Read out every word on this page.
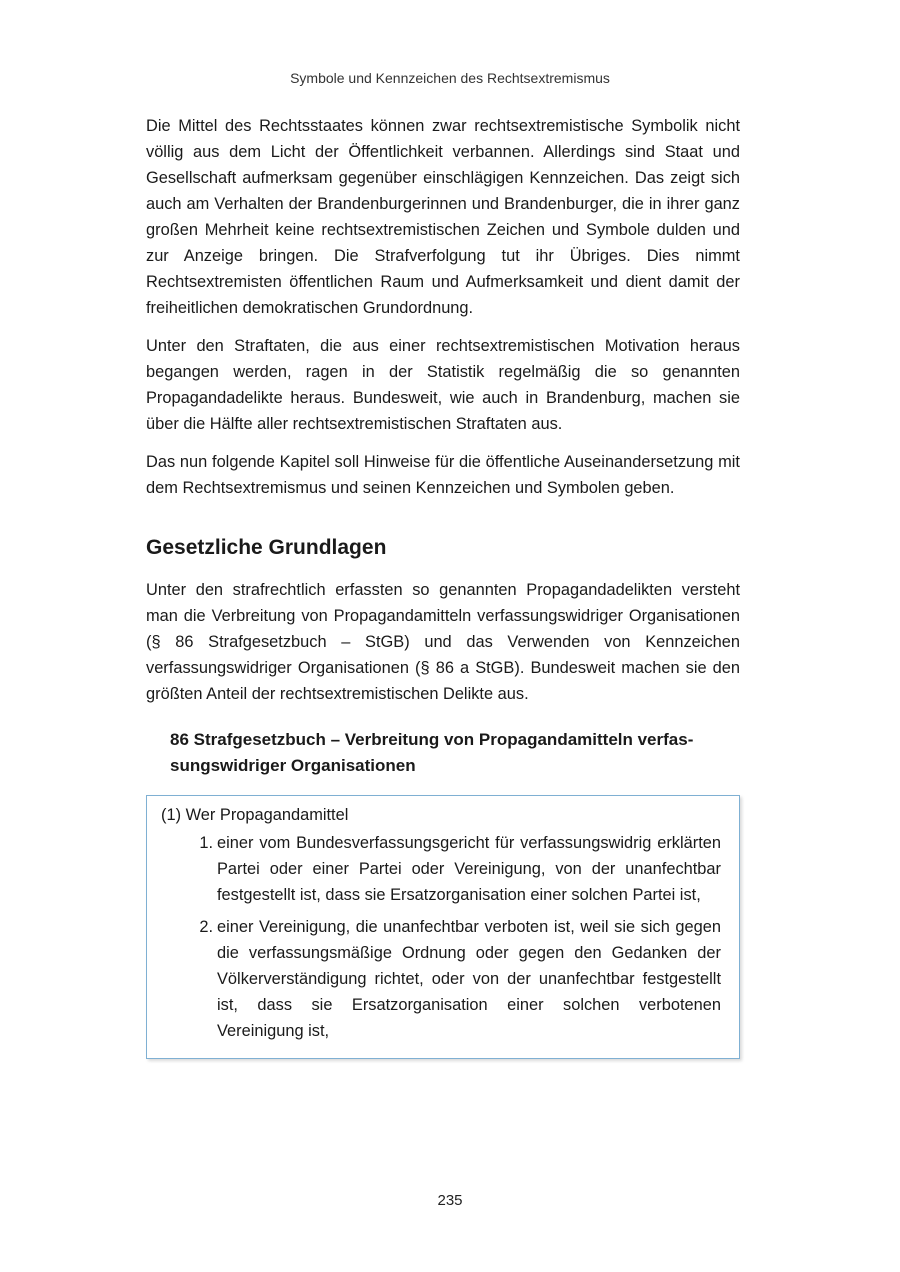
Symbole und Kennzeichen des Rechtsextremismus

Die Mittel des Rechtsstaates können zwar rechtsextremistische Symbolik nicht völlig aus dem Licht der Öffentlichkeit verbannen. Allerdings sind Staat und Gesellschaft aufmerksam gegenüber einschlägigen Kennzeichen. Das zeigt sich auch am Verhalten der Brandenburgerinnen und Brandenburger, die in ihrer ganz großen Mehrheit keine rechtsextremistischen Zeichen und Symbole dulden und zur Anzeige bringen. Die Strafverfolgung tut ihr Übriges. Dies nimmt Rechtsextremisten öffentlichen Raum und Aufmerksamkeit und dient damit der freiheitlichen demokratischen Grundordnung.

Unter den Straftaten, die aus einer rechtsextremistischen Motivation heraus begangen werden, ragen in der Statistik regelmäßig die so genannten Propagandadelikte heraus. Bundesweit, wie auch in Brandenburg, machen sie über die Hälfte aller rechtsextremistischen Straftaten aus.

Das nun folgende Kapitel soll Hinweise für die öffentliche Auseinandersetzung mit dem Rechtsextremismus und seinen Kennzeichen und Symbolen geben.

Gesetzliche Grundlagen

Unter den strafrechtlich erfassten so genannten Propagandadelikten versteht man die Verbreitung von Propagandamitteln verfassungswidriger Organisationen (§ 86 Strafgesetzbuch – StGB) und das Verwenden von Kennzeichen verfassungswidriger Organisationen (§ 86 a StGB). Bundesweit machen sie den größten Anteil der rechtsextremistischen Delikte aus.

86 Strafgesetzbuch – Verbreitung von Propagandamitteln verfassungswidriger Organisationen
(1) Wer Propagandamittel
1. einer vom Bundesverfassungsgericht für verfassungswidrig erklärten Partei oder einer Partei oder Vereinigung, von der unanfechtbar festgestellt ist, dass sie Ersatzorganisation einer solchen Partei ist,
2. einer Vereinigung, die unanfechtbar verboten ist, weil sie sich gegen die verfassungsmäßige Ordnung oder gegen den Gedanken der Völkerverständigung richtet, oder von der unanfechtbar festgestellt ist, dass sie Ersatzorganisation einer solchen verbotenen Vereinigung ist,
235
